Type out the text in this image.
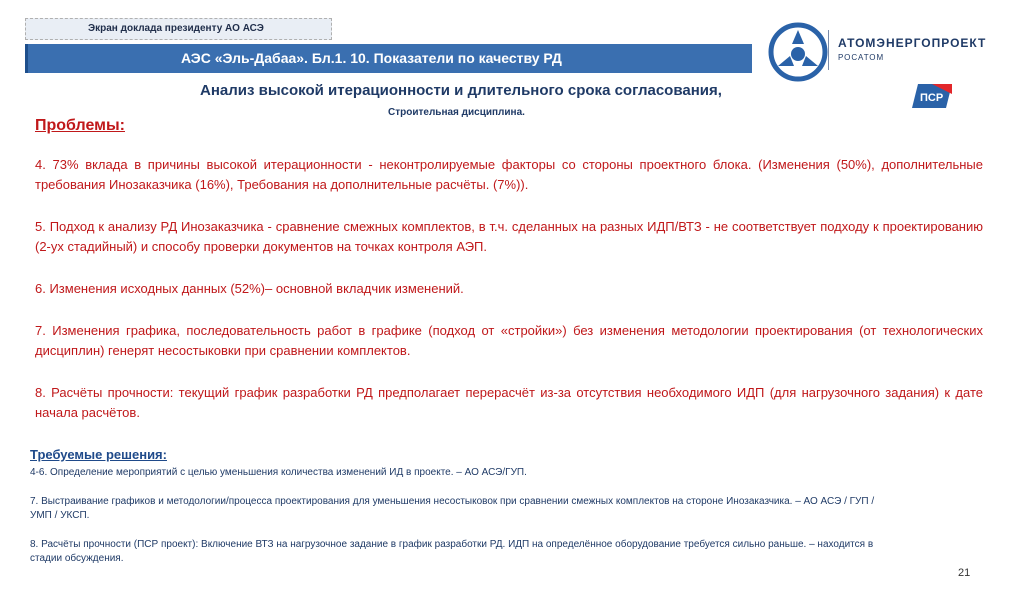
Экран доклада президенту АО АСЭ
АЭС «Эль-Дабаа». Бл.1. 10. Показатели по качеству РД
Анализ высокой итерационности и длительного срока согласования,
Строительная дисциплина.
АТОМЭНЕРГОПРОЕКТ
РОСАТОМ
ПСР
Проблемы:

4. 73% вклада в причины высокой итерационности - неконтролируемые факторы со стороны проектного блока. (Изменения (50%), дополнительные требования Инозаказчика (16%), Требования на дополнительные расчёты. (7%)).

5. Подход к анализу РД Инозаказчика - сравнение смежных комплектов, в т.ч. сделанных на разных ИДП/ВТЗ - не соответствует подходу к проектированию (2-ух стадийный) и способу проверки документов на точках контроля АЭП.

6. Изменения исходных данных (52%)– основной вкладчик изменений.

7. Изменения графика, последовательность работ в графике (подход от «стройки») без изменения методологии проектирования (от технологических дисциплин) генерят несостыковки при сравнении комплектов.

8. Расчёты прочности: текущий график разработки РД предполагает перерасчёт из-за отсутствия необходимого ИДП (для нагрузочного задания) к дате начала расчётов.

Требуемые решения:

4-6. Определение мероприятий с целью уменьшения количества изменений ИД в проекте. – АО АСЭ/ГУП.

7. Выстраивание графиков и методологии/процесса проектирования для уменьшения несостыковок при сравнении смежных комплектов на стороне Инозаказчика. – АО АСЭ / ГУП / УМП / УКСП.

8. Расчёты прочности (ПСР проект): Включение ВТЗ на нагрузочное задание в график разработки РД. ИДП на определённое оборудование требуется сильно раньше. – находится в стадии обсуждения.

21
